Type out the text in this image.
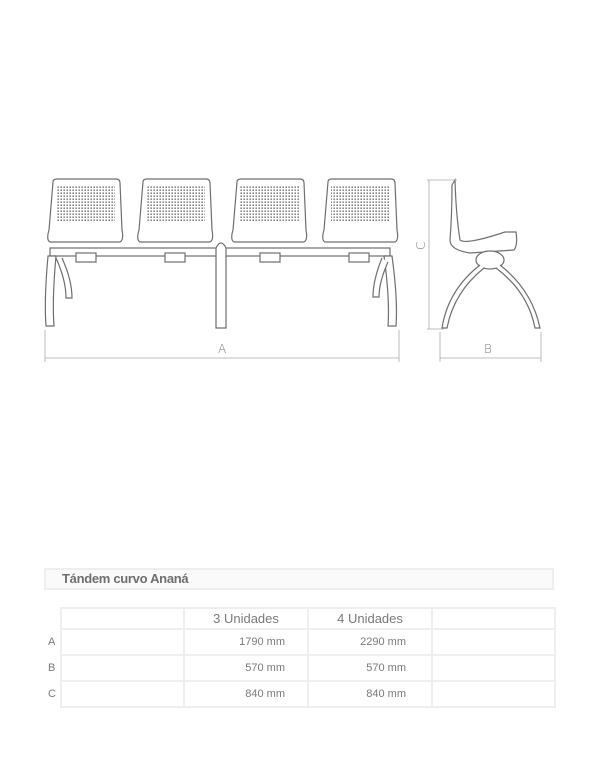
A
C
B
Tándem curvo Ananá
		3 Unidades	4 Unidades	
A		1790 mm	2290 mm	
B		570 mm	570 mm	
C		840 mm	840 mm	
